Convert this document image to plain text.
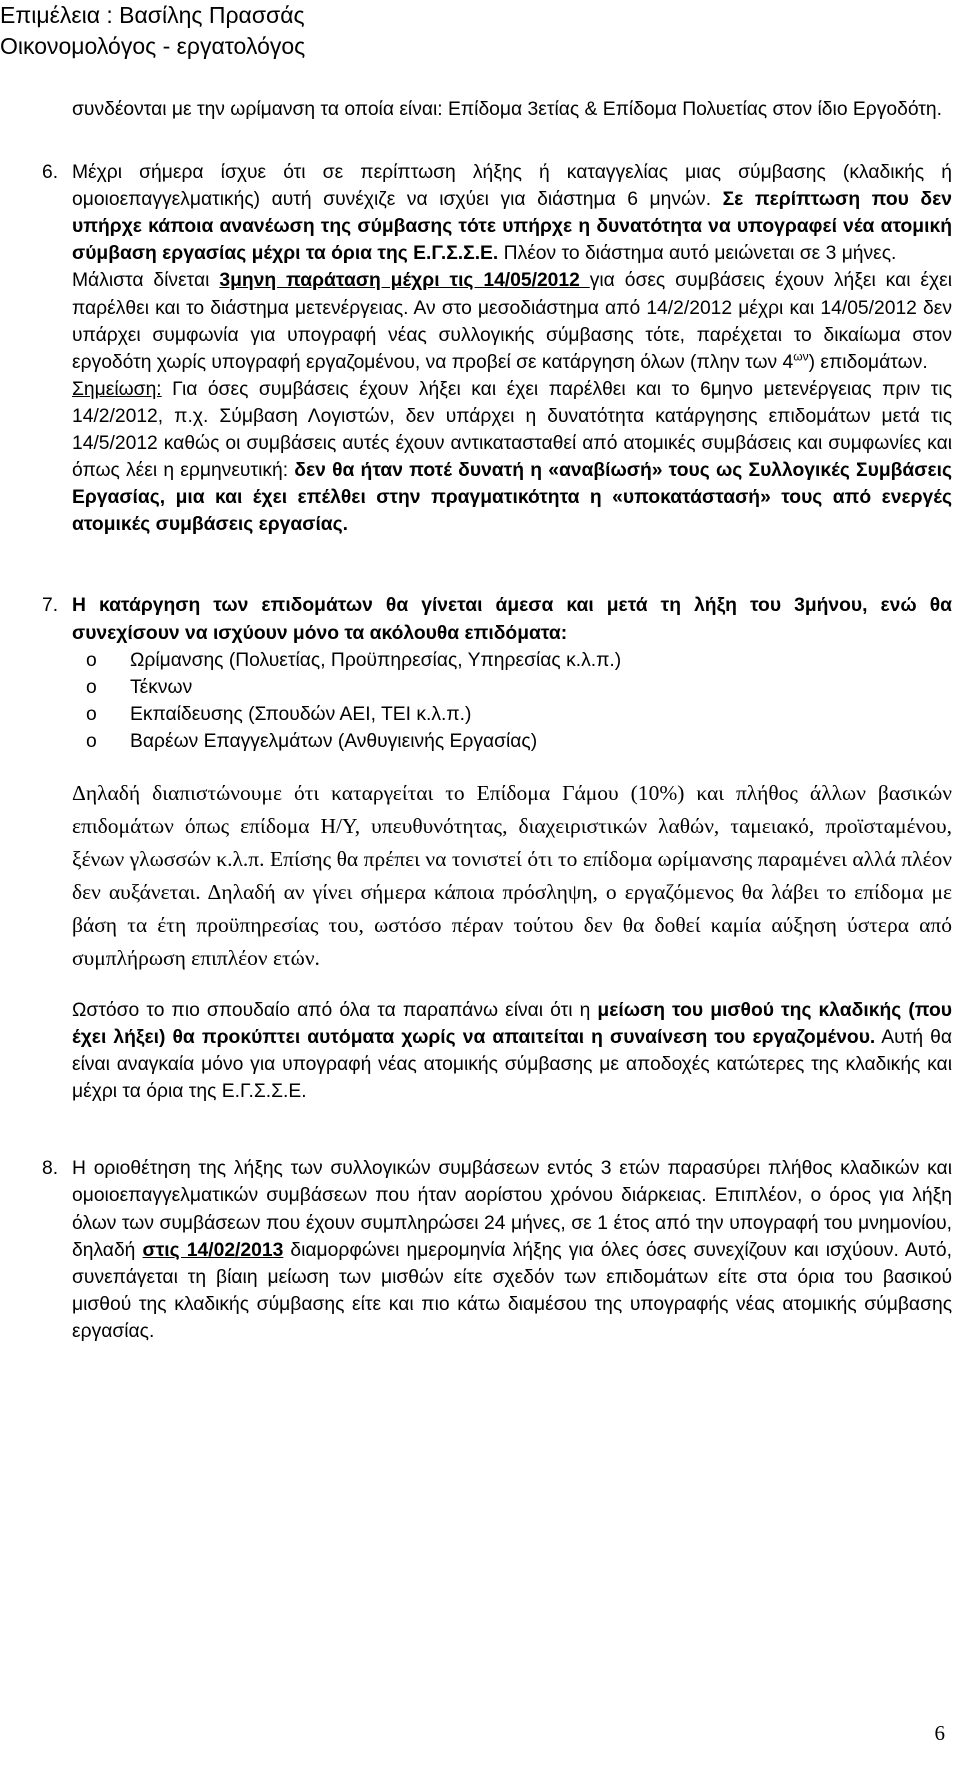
Επιμέλεια : Βασίλης Πρασσάς
Οικονομολόγος - εργατολόγος

συνδέονται με την ωρίμανση τα οποία είναι: Επίδομα 3ετίας & Επίδομα Πολυετίας στον ίδιο Εργοδότη.

6. Μέχρι σήμερα ίσχυε ότι σε περίπτωση λήξης ή καταγγελίας μιας σύμβασης (κλαδικής ή ομοιοεπαγγελματικής) αυτή συνέχιζε να ισχύει για διάστημα 6 μηνών. Σε περίπτωση που δεν υπήρχε κάποια ανανέωση της σύμβασης τότε υπήρχε η δυνατότητα να υπογραφεί νέα ατομική σύμβαση εργασίας μέχρι τα όρια της Ε.Γ.Σ.Σ.Ε. Πλέον το διάστημα αυτό μειώνεται σε 3 μήνες.

Μάλιστα δίνεται 3μηνη παράταση μέχρι τις 14/05/2012 για όσες συμβάσεις έχουν λήξει και έχει παρέλθει και το διάστημα μετενέργειας. Αν στο μεσοδιάστημα από 14/2/2012 μέχρι και 14/05/2012 δεν υπάρχει συμφωνία για υπογραφή νέας συλλογικής σύμβασης τότε, παρέχεται το δικαίωμα στον εργοδότη χωρίς υπογραφή εργαζομένου, να προβεί σε κατάργηση όλων (πλην των $4^{\omega\nu}$) επιδομάτων.

Σημείωση: Για όσες συμβάσεις έχουν λήξει και έχει παρέλθει και το 6μηνο μετενέργειας πριν τις 14/2/2012, π.χ. Σύμβαση Λογιστών, δεν υπάρχει η δυνατότητα κατάργησης επιδομάτων μετά τις 14/5/2012 καθώς οι συμβάσεις αυτές έχουν αντικατασταθεί από ατομικές συμβάσεις και συμφωνίες και όπως λέει η ερμηνευτική: δεν θα ήταν ποτέ δυνατή η «αναβίωσή» τους ως Συλλογικές Συμβάσεις Εργασίας, μια και έχει επέλθει στην πραγματικότητα η «υποκατάστασή» τους από ενεργές ατομικές συμβάσεις εργασίας.

7. Η κατάργηση των επιδομάτων θα γίνεται άμεσα και μετά τη λήξη του 3μήνου, ενώ θα συνεχίσουν να ισχύουν μόνο τα ακόλουθα επιδόματα:

o Ωρίμανσης (Πολυετίας, Προϋπηρεσίας, Υπηρεσίας κ.λ.π.)
o Τέκνων
o Εκπαίδευσης (Σπουδών ΑΕΙ, ΤΕΙ κ.λ.π.)
o Βαρέων Επαγγελμάτων (Ανθυγιεινής Εργασίας)

Δηλαδή διαπιστώνουμε ότι καταργείται το Επίδομα Γάμου (10%) και πλήθος άλλων βασικών επιδομάτων όπως επίδομα Η/Υ, υπευθυνότητας, διαχειριστικών λαθών, ταμειακό, προϊσταμένου, ξένων γλωσσών κ.λ.π. Επίσης θα πρέπει να τονιστεί ότι το επίδομα ωρίμανσης παραμένει αλλά πλέον δεν αυξάνεται. Δηλαδή αν γίνει σήμερα κάποια πρόσληψη, ο εργαζόμενος θα λάβει το επίδομα με βάση τα έτη προϋπηρεσίας του, ωστόσο πέραν τούτου δεν θα δοθεί καμία αύξηση ύστερα από συμπλήρωση επιπλέον ετών.

Ωστόσο το πιο σπουδαίο από όλα τα παραπάνω είναι ότι η μείωση του μισθού της κλαδικής (που έχει λήξει) θα προκύπτει αυτόματα χωρίς να απαιτείται η συναίνεση του εργαζομένου. Αυτή θα είναι αναγκαία μόνο για υπογραφή νέας ατομικής σύμβασης με αποδοχές κατώτερες της κλαδικής και μέχρι τα όρια της Ε.Γ.Σ.Σ.Ε.

8. Η οριοθέτηση της λήξης των συλλογικών συμβάσεων εντός 3 ετών παρασύρει πλήθος κλαδικών και ομοιοεπαγγελματικών συμβάσεων που ήταν αορίστου χρόνου διάρκειας. Επιπλέον, ο όρος για λήξη όλων των συμβάσεων που έχουν συμπληρώσει 24 μήνες, σε 1 έτος από την υπογραφή του μνημονίου, δηλαδή στις 14/02/2013 διαμορφώνει ημερομηνία λήξης για όλες όσες συνεχίζουν και ισχύουν. Αυτό, συνεπάγεται τη βίαιη μείωση των μισθών είτε σχεδόν των επιδομάτων είτε στα όρια του βασικού μισθού της κλαδικής σύμβασης είτε και πιο κάτω διαμέσου της υπογραφής νέας ατομικής σύμβασης εργασίας.

6
